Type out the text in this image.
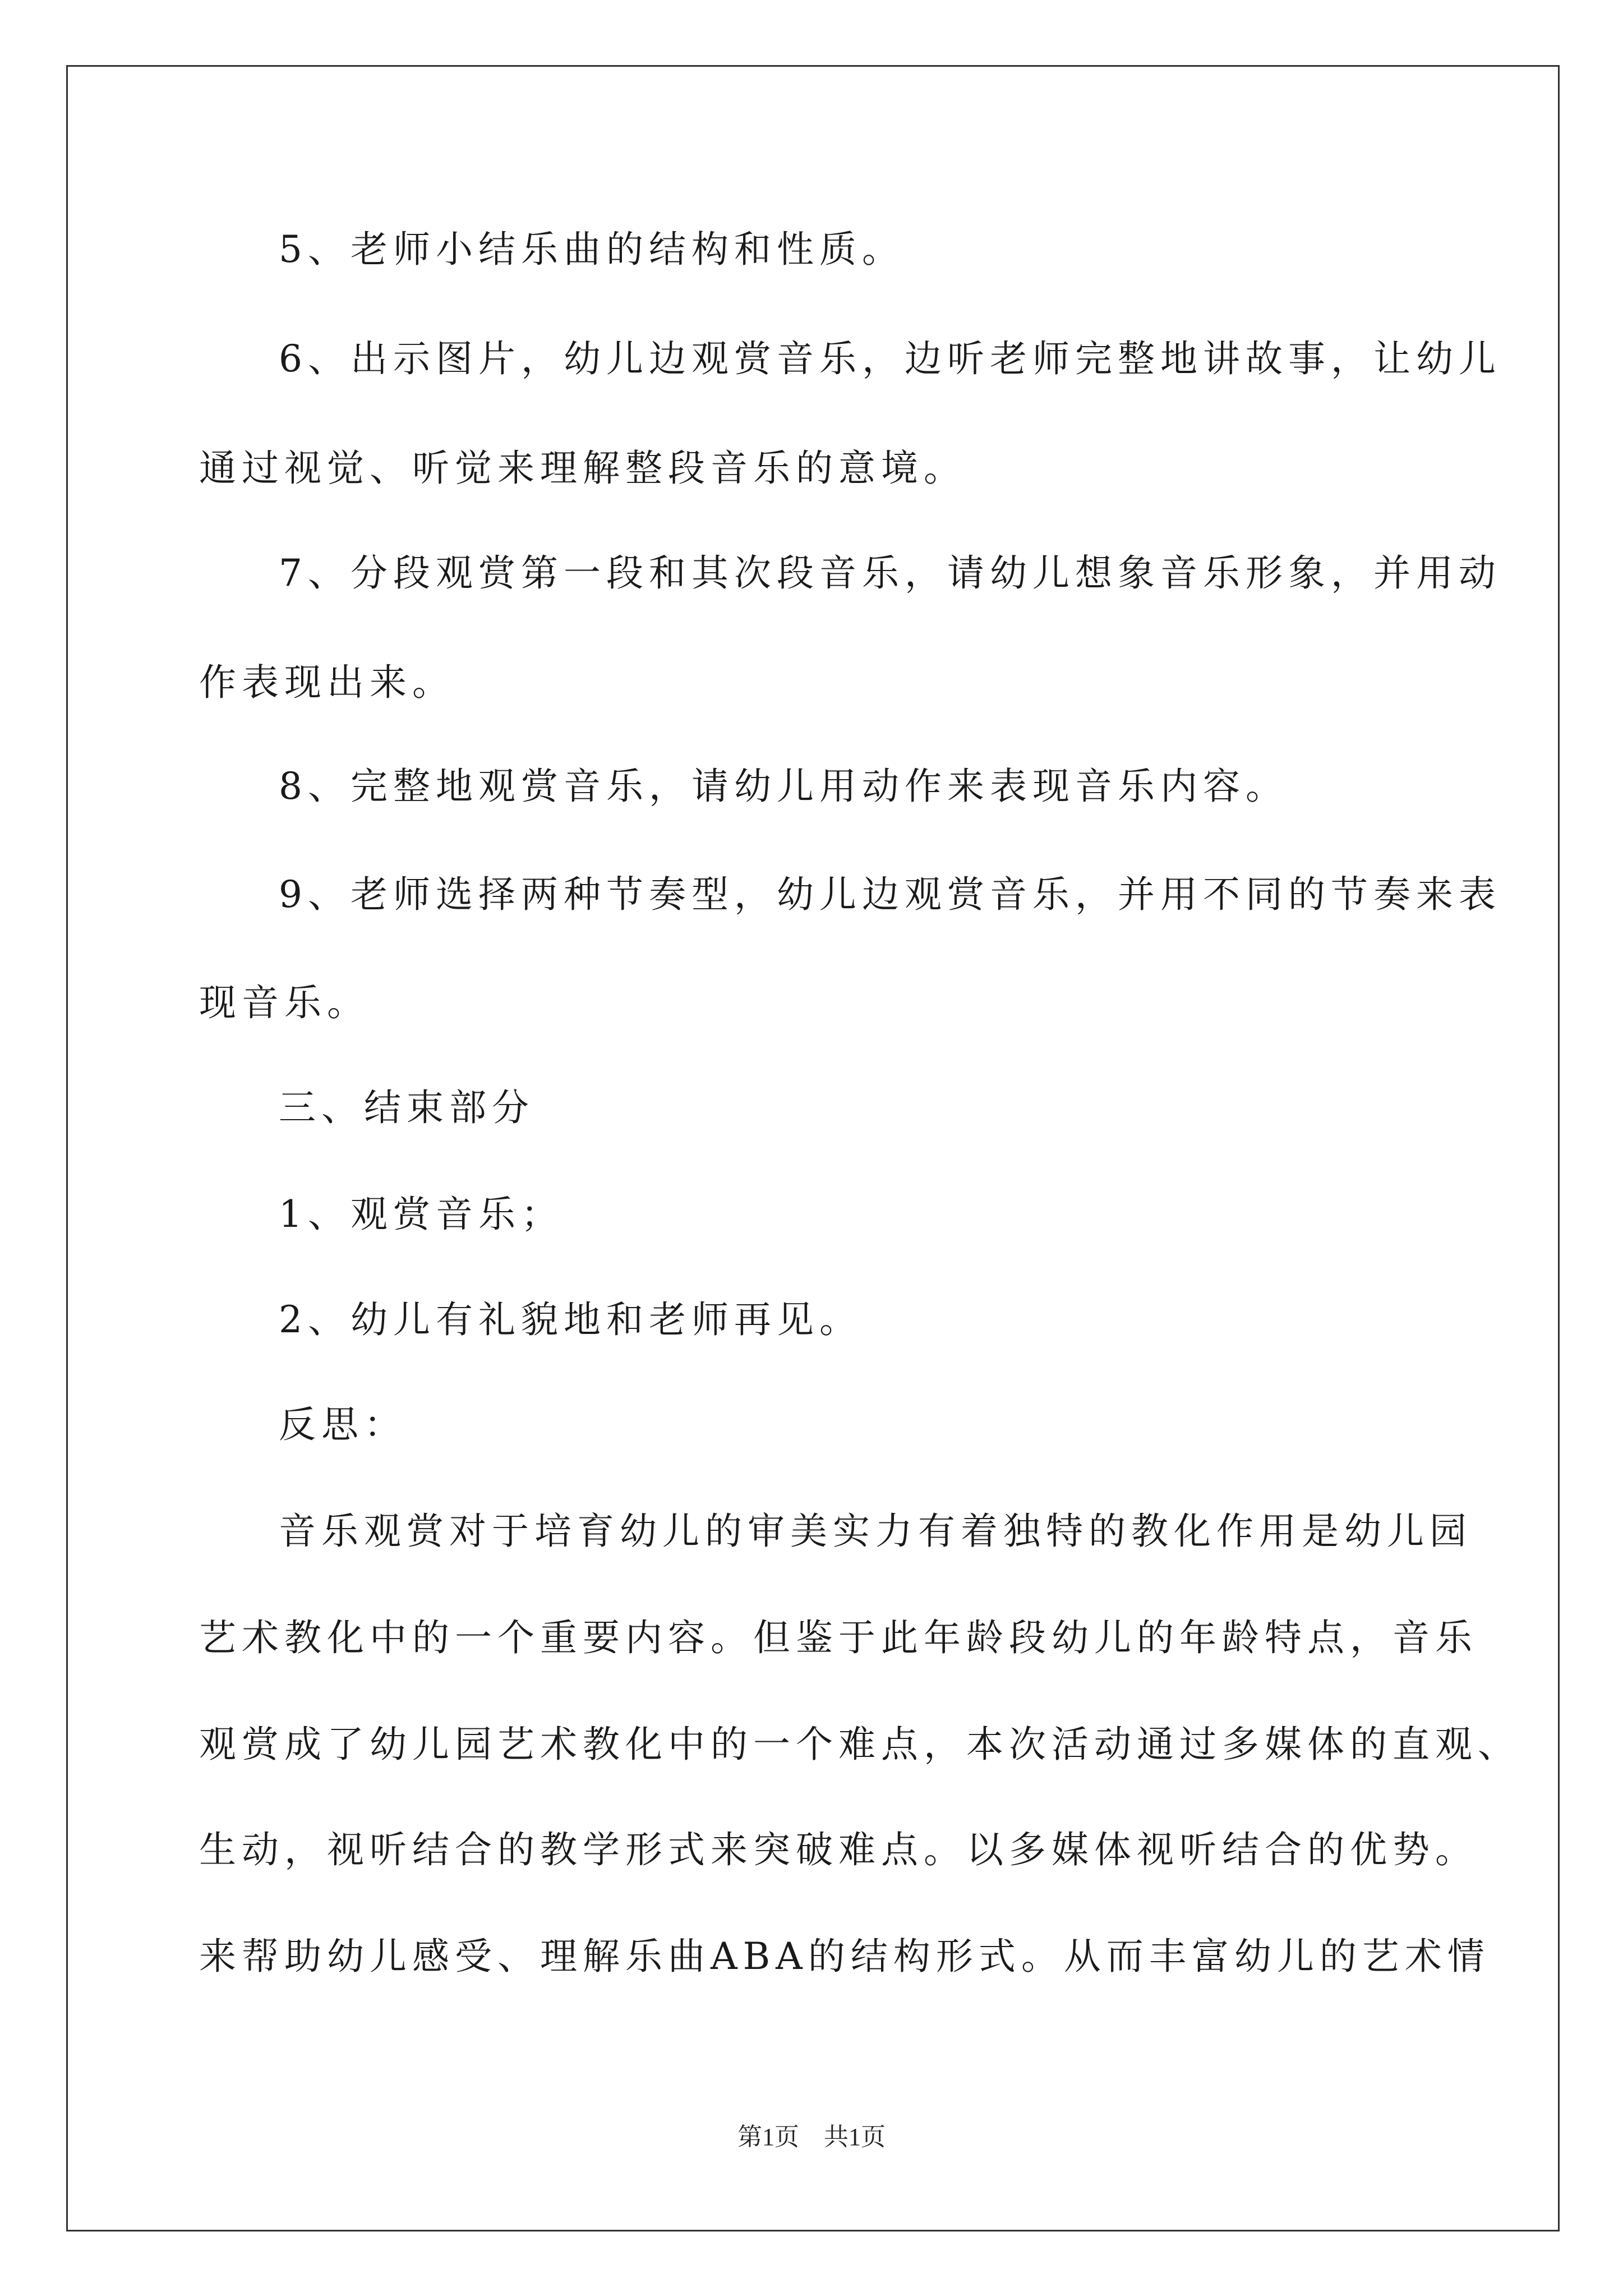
5、老师小结乐曲的结构和性质。
6、出示图片，幼儿边观赏音乐，边听老师完整地讲故事，让幼儿
通过视觉、听觉来理解整段音乐的意境。
7、分段观赏第一段和其次段音乐，请幼儿想象音乐形象，并用动
作表现出来。
8、完整地观赏音乐，请幼儿用动作来表现音乐内容。
9、老师选择两种节奏型，幼儿边观赏音乐，并用不同的节奏来表
现音乐。
三、结束部分
1、观赏音乐；
2、幼儿有礼貌地和老师再见。
反思：
音乐观赏对于培育幼儿的审美实力有着独特的教化作用是幼儿园
艺术教化中的一个重要内容。但鉴于此年龄段幼儿的年龄特点，音乐
观赏成了幼儿园艺术教化中的一个难点，本次活动通过多媒体的直观、
生动，视听结合的教学形式来突破难点。以多媒体视听结合的优势。
来帮助幼儿感受、理解乐曲ABA的结构形式。从而丰富幼儿的艺术情
第1页　共1页
